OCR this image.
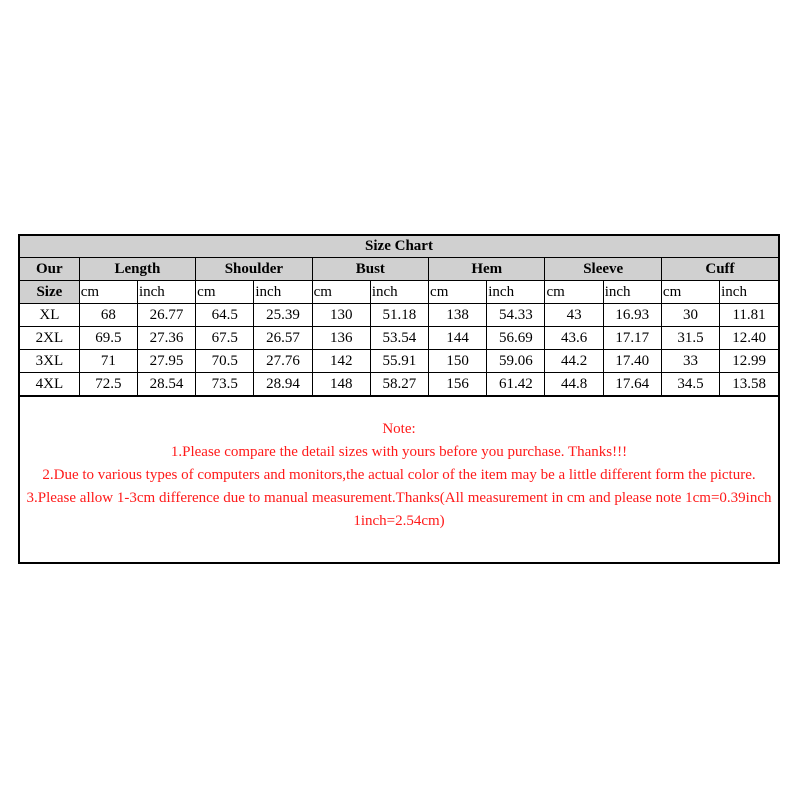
Size Chart												
Our	Length		Shoulder		Bust		Hem		Sleeve		Cuff	
Size	cm	inch	cm	inch	cm	inch	cm	inch	cm	inch	cm	inch
XL	68	26.77	64.5	25.39	130	51.18	138	54.33	43	16.93	30	11.81
2XL	69.5	27.36	67.5	26.57	136	53.54	144	56.69	43.6	17.17	31.5	12.40
3XL	71	27.95	70.5	27.76	142	55.91	150	59.06	44.2	17.40	33	12.99
4XL	72.5	28.54	73.5	28.94	148	58.27	156	61.42	44.8	17.64	34.5	13.58
Note:
1.Please compare the detail sizes with yours before you purchase. Thanks!!!
2.Due to various types of computers and monitors,the actual color of the item may be a little different form the picture.
3.Please allow 1-3cm difference due to manual measurement.Thanks(All measurement in cm and please note 1cm=0.39inch 1inch=2.54cm)
